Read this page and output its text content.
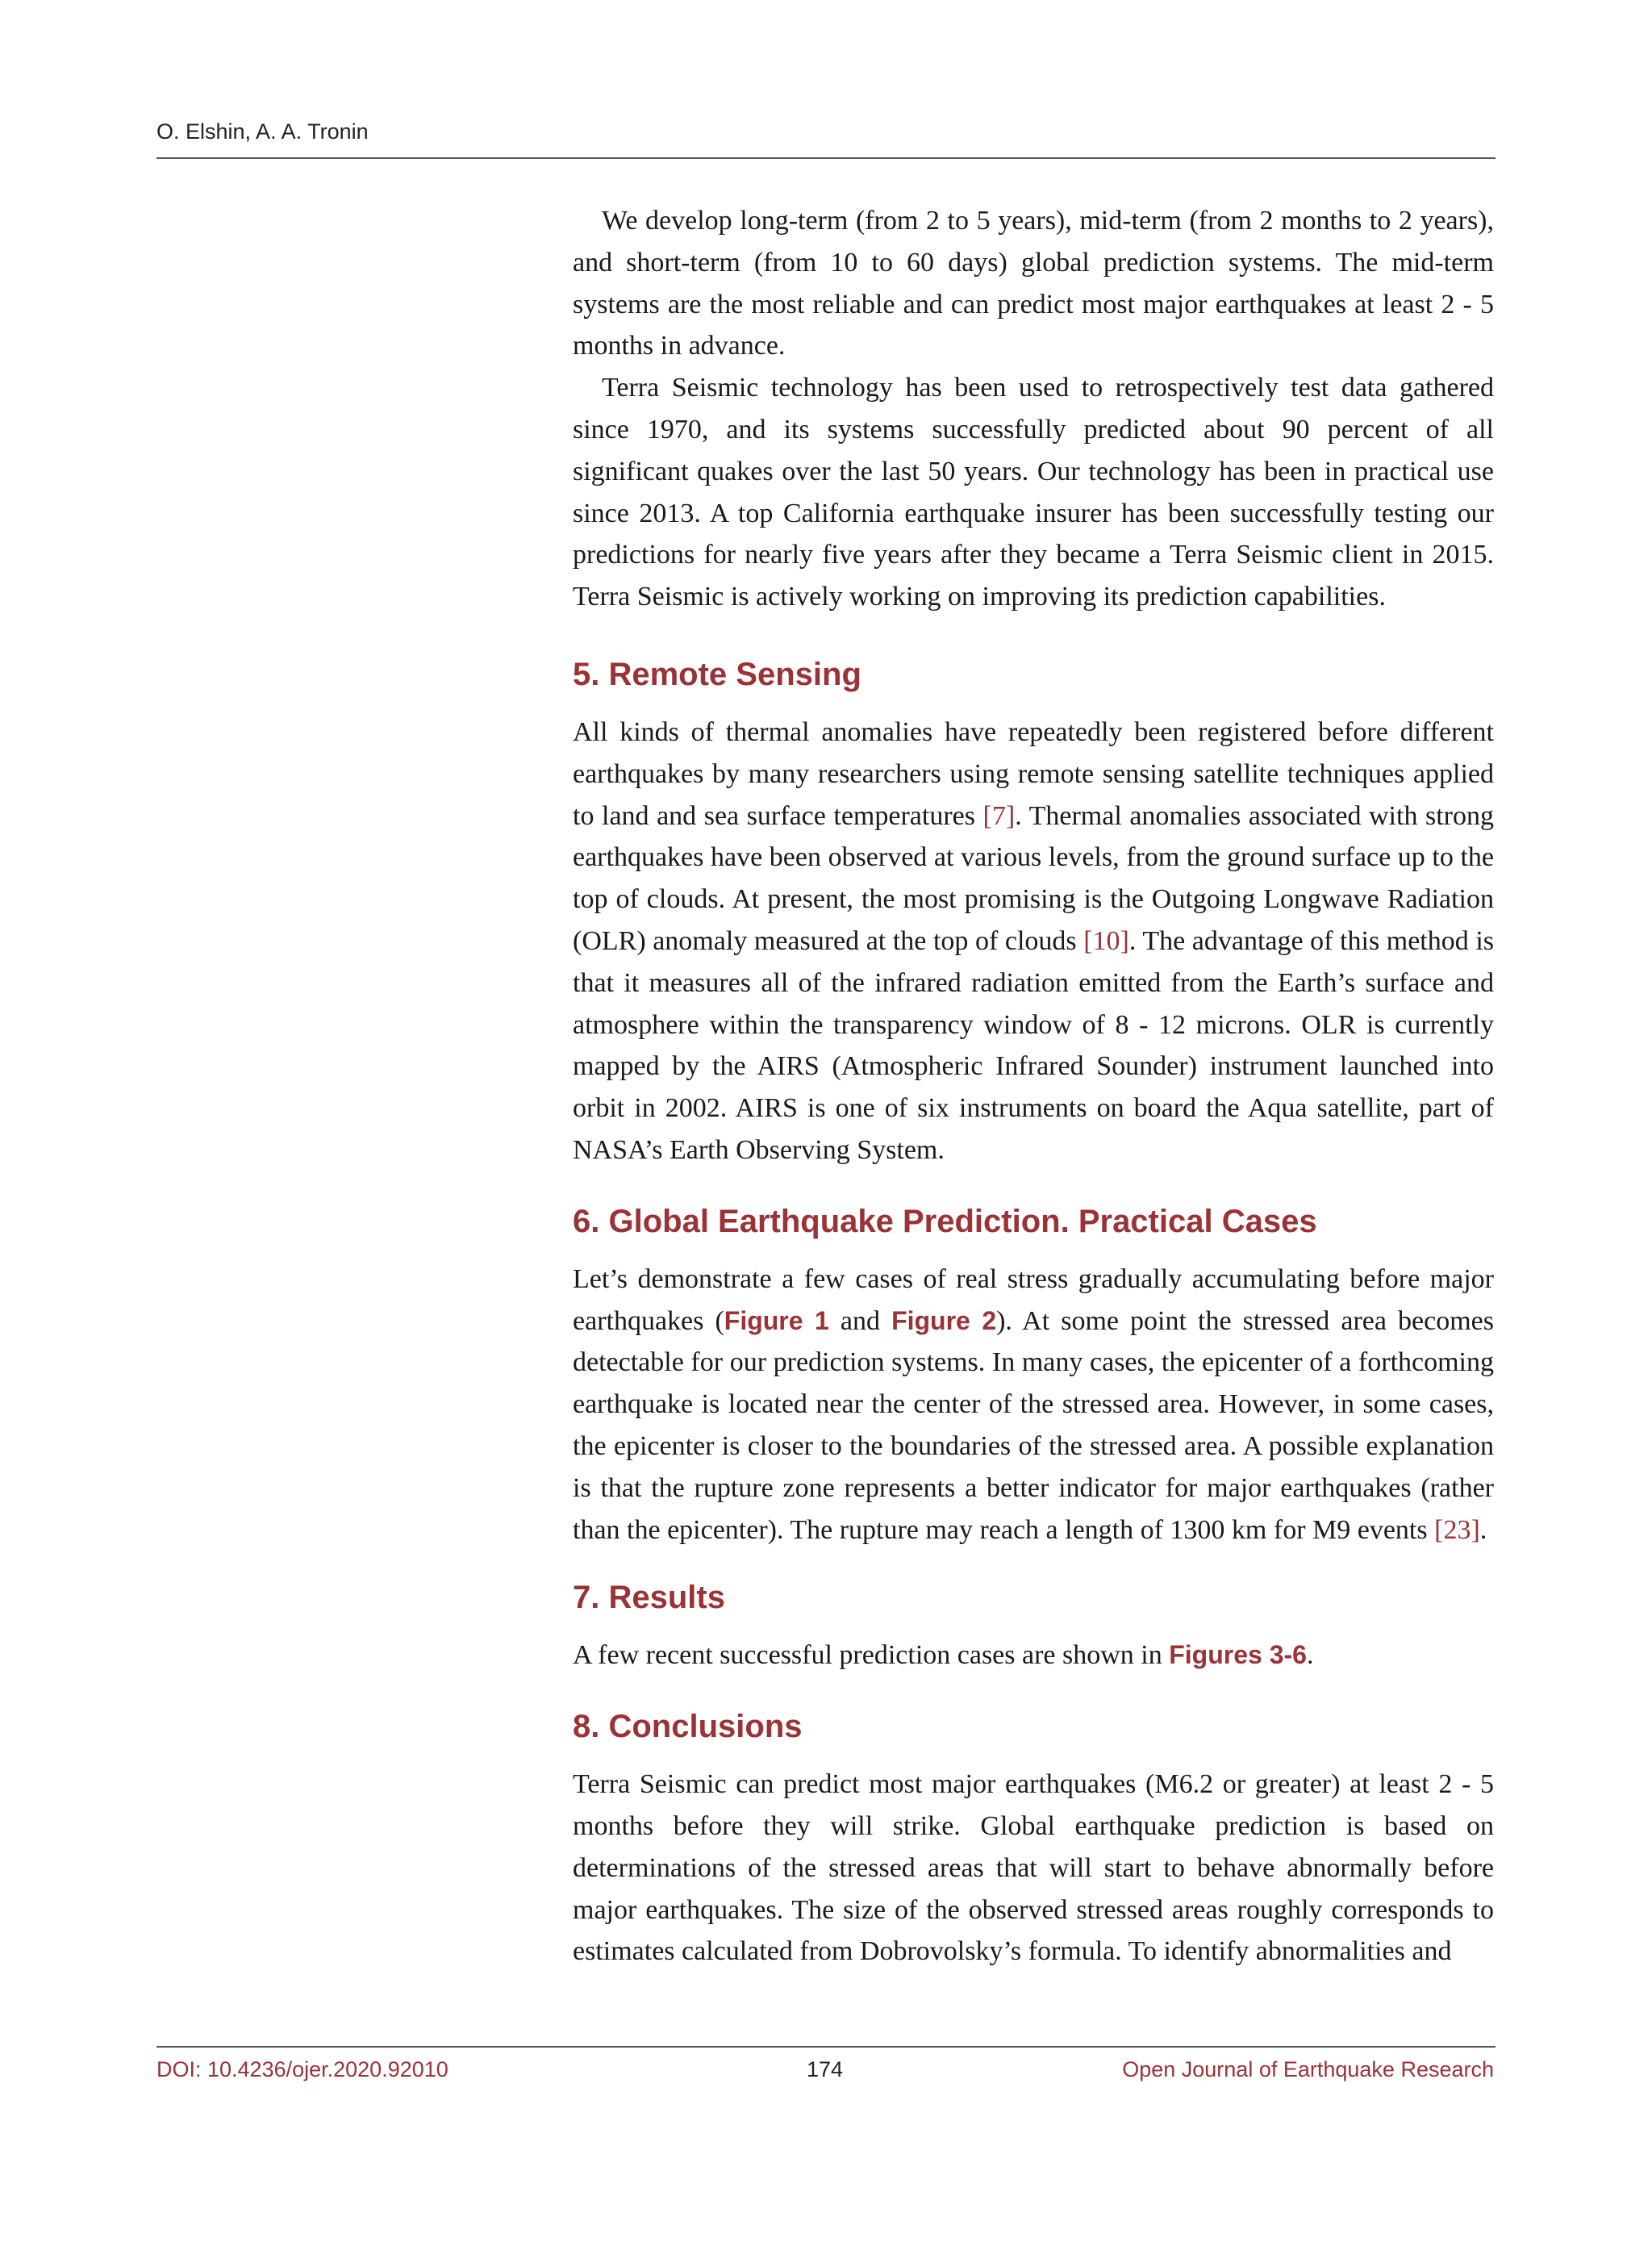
O. Elshin, A. A. Tronin

We develop long-term (from 2 to 5 years), mid-term (from 2 months to 2 years), and short-term (from 10 to 60 days) global prediction systems. The mid-term systems are the most reliable and can predict most major earthquakes at least 2 - 5 months in advance.

Terra Seismic technology has been used to retrospectively test data gathered since 1970, and its systems successfully predicted about 90 percent of all significant quakes over the last 50 years. Our technology has been in practical use since 2013. A top California earthquake insurer has been successfully testing our predictions for nearly five years after they became a Terra Seismic client in 2015. Terra Seismic is actively working on improving its prediction capabilities.

5. Remote Sensing

All kinds of thermal anomalies have repeatedly been registered before different earthquakes by many researchers using remote sensing satellite techniques applied to land and sea surface temperatures [7]. Thermal anomalies associated with strong earthquakes have been observed at various levels, from the ground surface up to the top of clouds. At present, the most promising is the Outgoing Longwave Radiation (OLR) anomaly measured at the top of clouds [10]. The advantage of this method is that it measures all of the infrared radiation emitted from the Earth’s surface and atmosphere within the transparency window of 8 - 12 microns. OLR is currently mapped by the AIRS (Atmospheric Infrared Sounder) instrument launched into orbit in 2002. AIRS is one of six instruments on board the Aqua satellite, part of NASA’s Earth Observing System.

6. Global Earthquake Prediction. Practical Cases

Let’s demonstrate a few cases of real stress gradually accumulating before major earthquakes (Figure 1 and Figure 2). At some point the stressed area becomes detectable for our prediction systems. In many cases, the epicenter of a forthcoming earthquake is located near the center of the stressed area. However, in some cases, the epicenter is closer to the boundaries of the stressed area. A possible explanation is that the rupture zone represents a better indicator for major earthquakes (rather than the epicenter). The rupture may reach a length of 1300 km for M9 events [23].

7. Results

A few recent successful prediction cases are shown in Figures 3-6.

8. Conclusions

Terra Seismic can predict most major earthquakes (M6.2 or greater) at least 2 - 5 months before they will strike. Global earthquake prediction is based on determinations of the stressed areas that will start to behave abnormally before major earthquakes. The size of the observed stressed areas roughly corresponds to estimates calculated from Dobrovolsky’s formula. To identify abnormalities and

DOI: 10.4236/ojer.2020.92010	174	Open Journal of Earthquake Research
